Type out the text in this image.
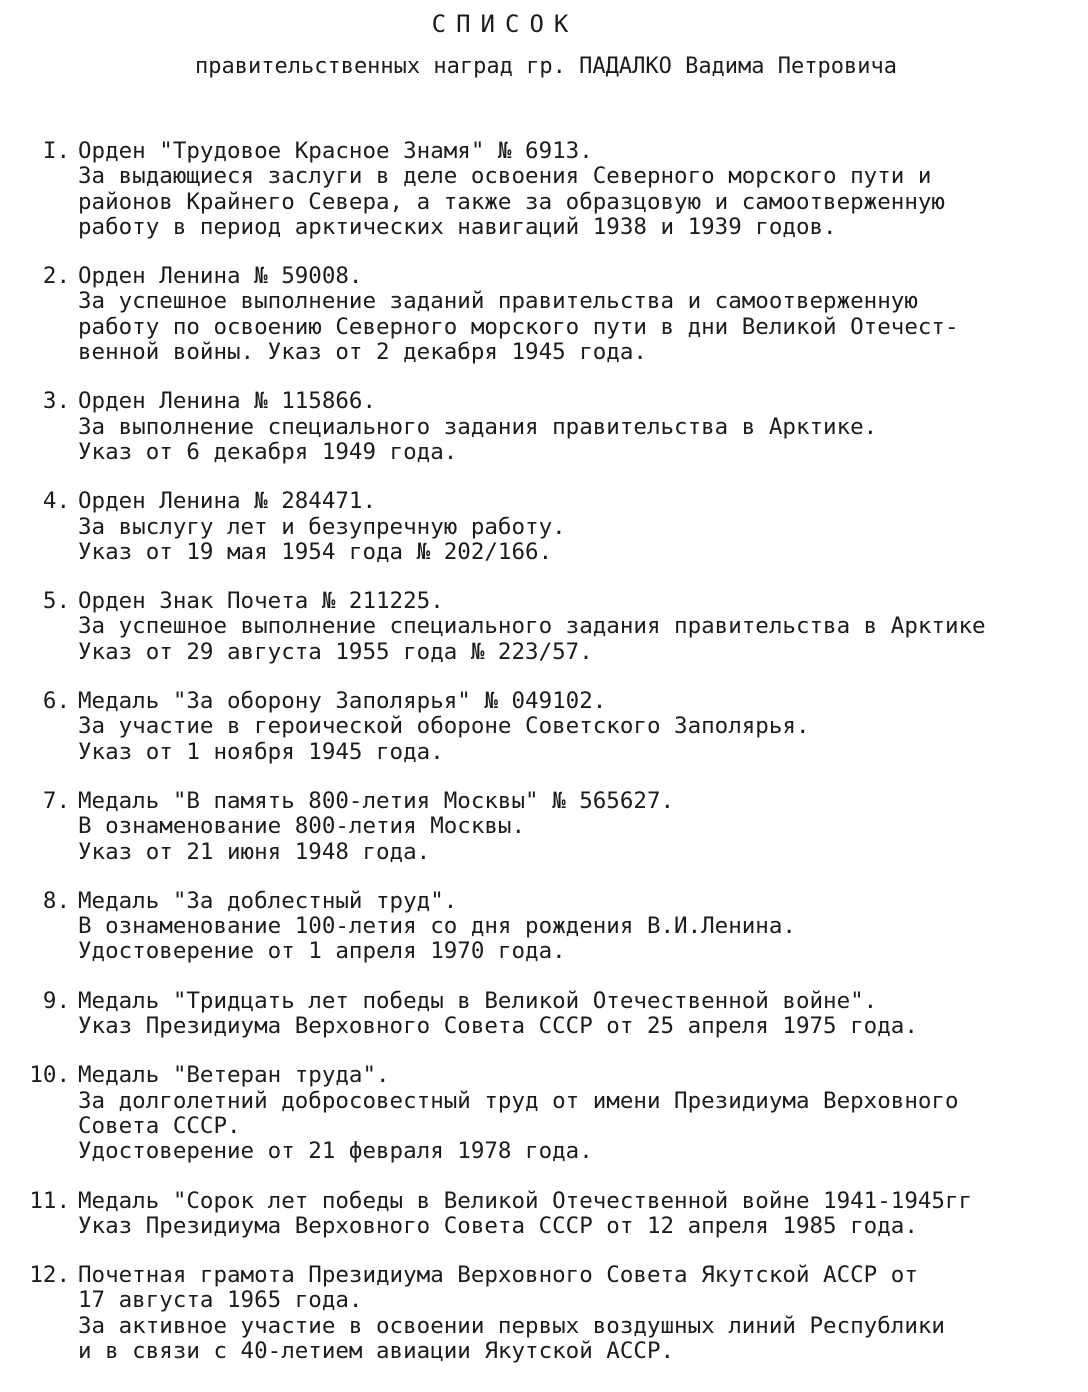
СПИСОК
правительственных наград гр. ПАДАЛКО Вадима Петровича
I. Орден "Трудовое Красное Знамя" № 6913.
За выдающиеся заслуги в деле освоения Северного морского пути и
районов Крайнего Севера, а также за образцовую и самоотверженную
работу в период арктических навигаций 1938 и 1939 годов.
2. Орден Ленина № 59008.
За успешное выполнение заданий правительства и самоотверженную
работу по освоению Северного морского пути в дни Великой Отечест-
венной войны. Указ от 2 декабря 1945 года.
3. Орден Ленина № 115866.
За выполнение специального задания правительства в Арктике.
Указ от 6 декабря 1949 года.
4. Орден Ленина № 284471.
За выслугу лет и безупречную работу.
Указ от 19 мая 1954 года № 202/166.
5. Орден Знак Почета № 211225.
За успешное выполнение специального задания правительства в Арктике
Указ от 29 августа 1955 года № 223/57.
6. Медаль "За оборону Заполярья" № 049102.
За участие в героической обороне Советского Заполярья.
Указ от 1 ноября 1945 года.
7. Медаль "В память 800-летия Москвы" № 565627.
В ознаменование 800-летия Москвы.
Указ от 21 июня 1948 года.
8. Медаль "За доблестный труд".
В ознаменование 100-летия со дня рождения В.И.Ленина.
Удостоверение от 1 апреля 1970 года.
9. Медаль "Тридцать лет победы в Великой Отечественной войне".
Указ Президиума Верховного Совета СССР от 25 апреля 1975 года.
10. Медаль "Ветеран труда".
За долголетний добросовестный труд от имени Президиума Верховного
Совета СССР.
Удостоверение от 21 февраля 1978 года.
11. Медаль "Сорок лет победы в Великой Отечественной войне 1941-1945гг
Указ Президиума Верховного Совета СССР от 12 апреля 1985 года.
12. Почетная грамота Президиума Верховного Совета Якутской АССР от
17 августа 1965 года.
За активное участие в освоении первых воздушных линий Республики
и в связи с 40-летием авиации Якутской АССР.
